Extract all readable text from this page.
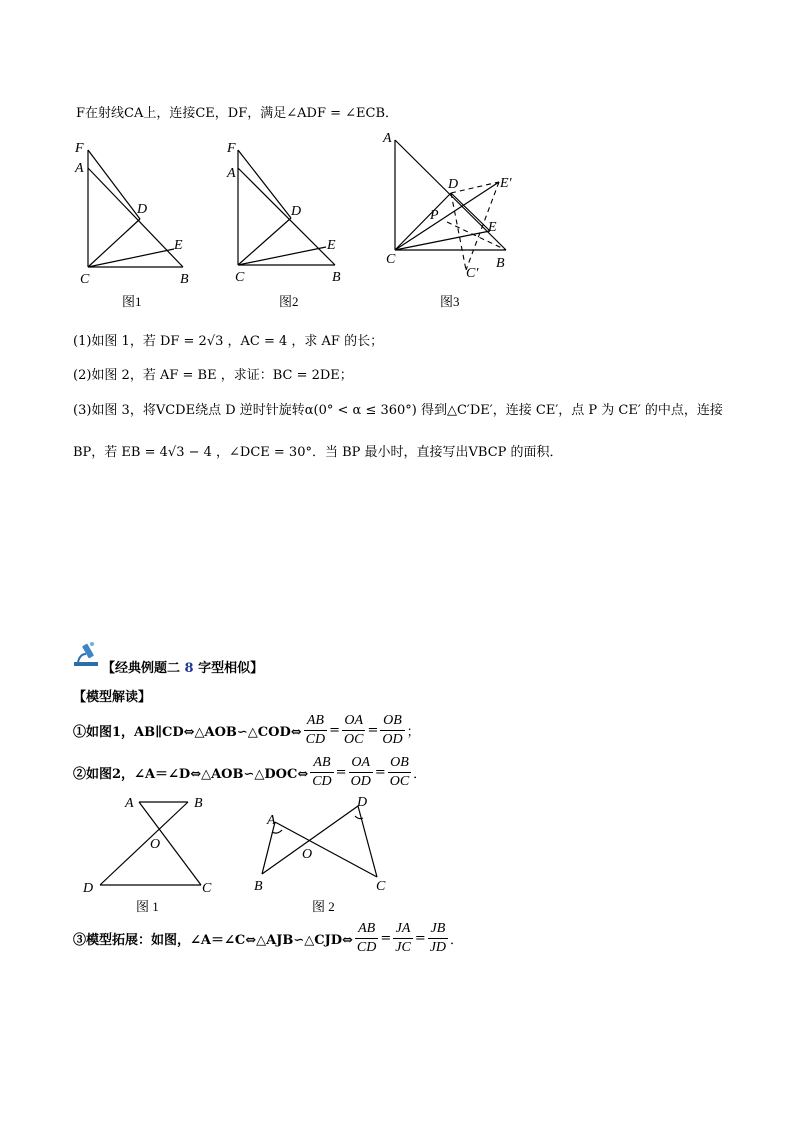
F在射线CA上，连接CE，DF，满足∠ADF = ∠ECB．
F
A
D
E
C	B
图1
F
A
D
E
C	B
图2
A
D	E′
P
E
C	B
C′
图3
(1)如图 1，若 DF = 2√3 ，AC = 4 ，求 AF 的长；
(2)如图 2，若 AF = BE ，求证：BC = 2DE；
(3)如图 3，将VCDE绕点 D 逆时针旋转α(0° < α ≤ 360°) 得到△C′DE′，连接 CE′，点 P 为 CE′ 的中点，连接
BP，若 EB = 4√3 − 4 ，∠DCE = 30°．当 BP 最小时，直接写出VBCP 的面积．
【经典例题二 8 字型相似】
【模型解读】
①如图1，AB∥CD⇔△AOB∽△COD⇔ $\frac{AB}{CD} = \frac{OA}{OC} = \frac{OB}{OD}$ ；
②如图2，∠A＝∠D⇔△AOB∽△DOC⇔ $\frac{AB}{CD} = \frac{OA}{OD} = \frac{OB}{OC}$ ．
A	B
O
D	C
图 1
D
A
O
B	C
图 2
③模型拓展：如图，∠A＝∠C⇔△AJB∽△CJD⇔ $\frac{AB}{CD} = \frac{JA}{JC} = \frac{JB}{JD}$ ．
